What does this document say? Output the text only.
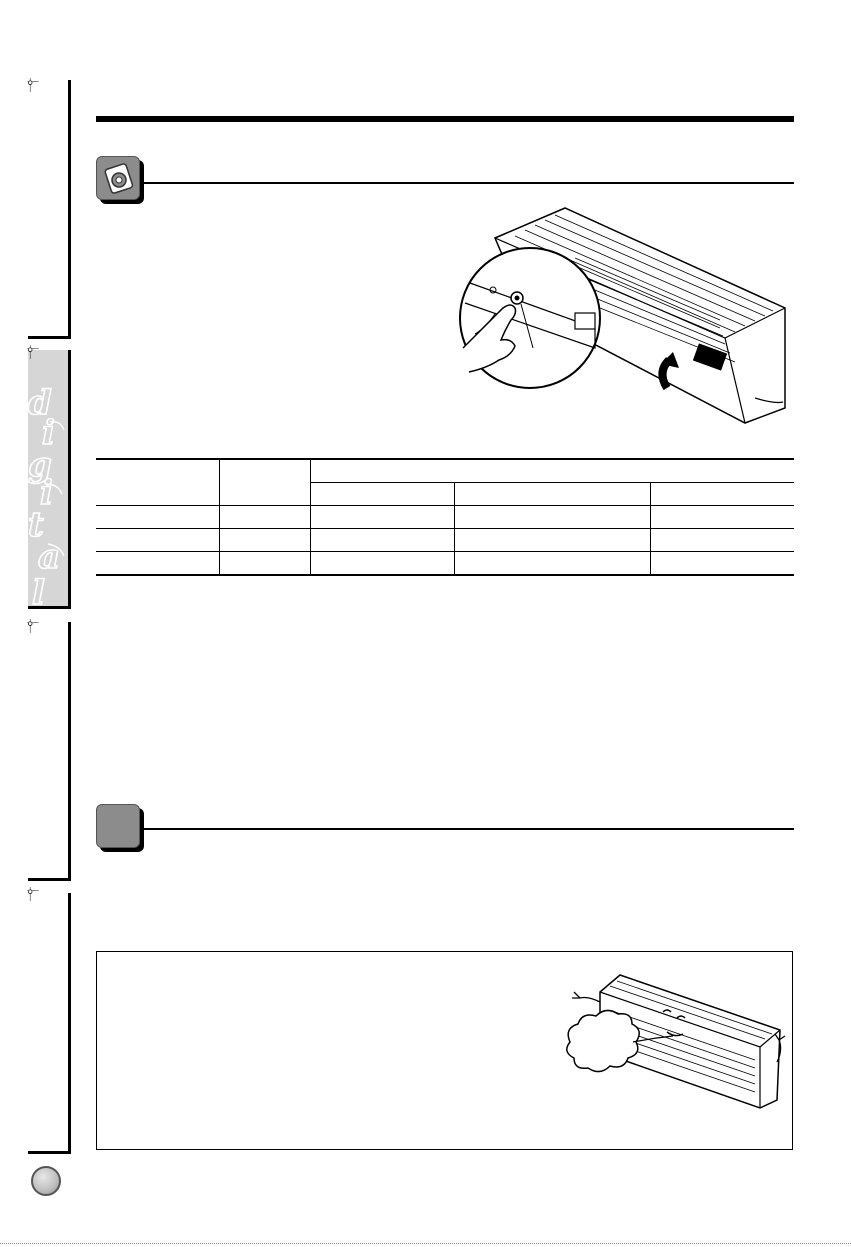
d
i
g
i
t
a
l
